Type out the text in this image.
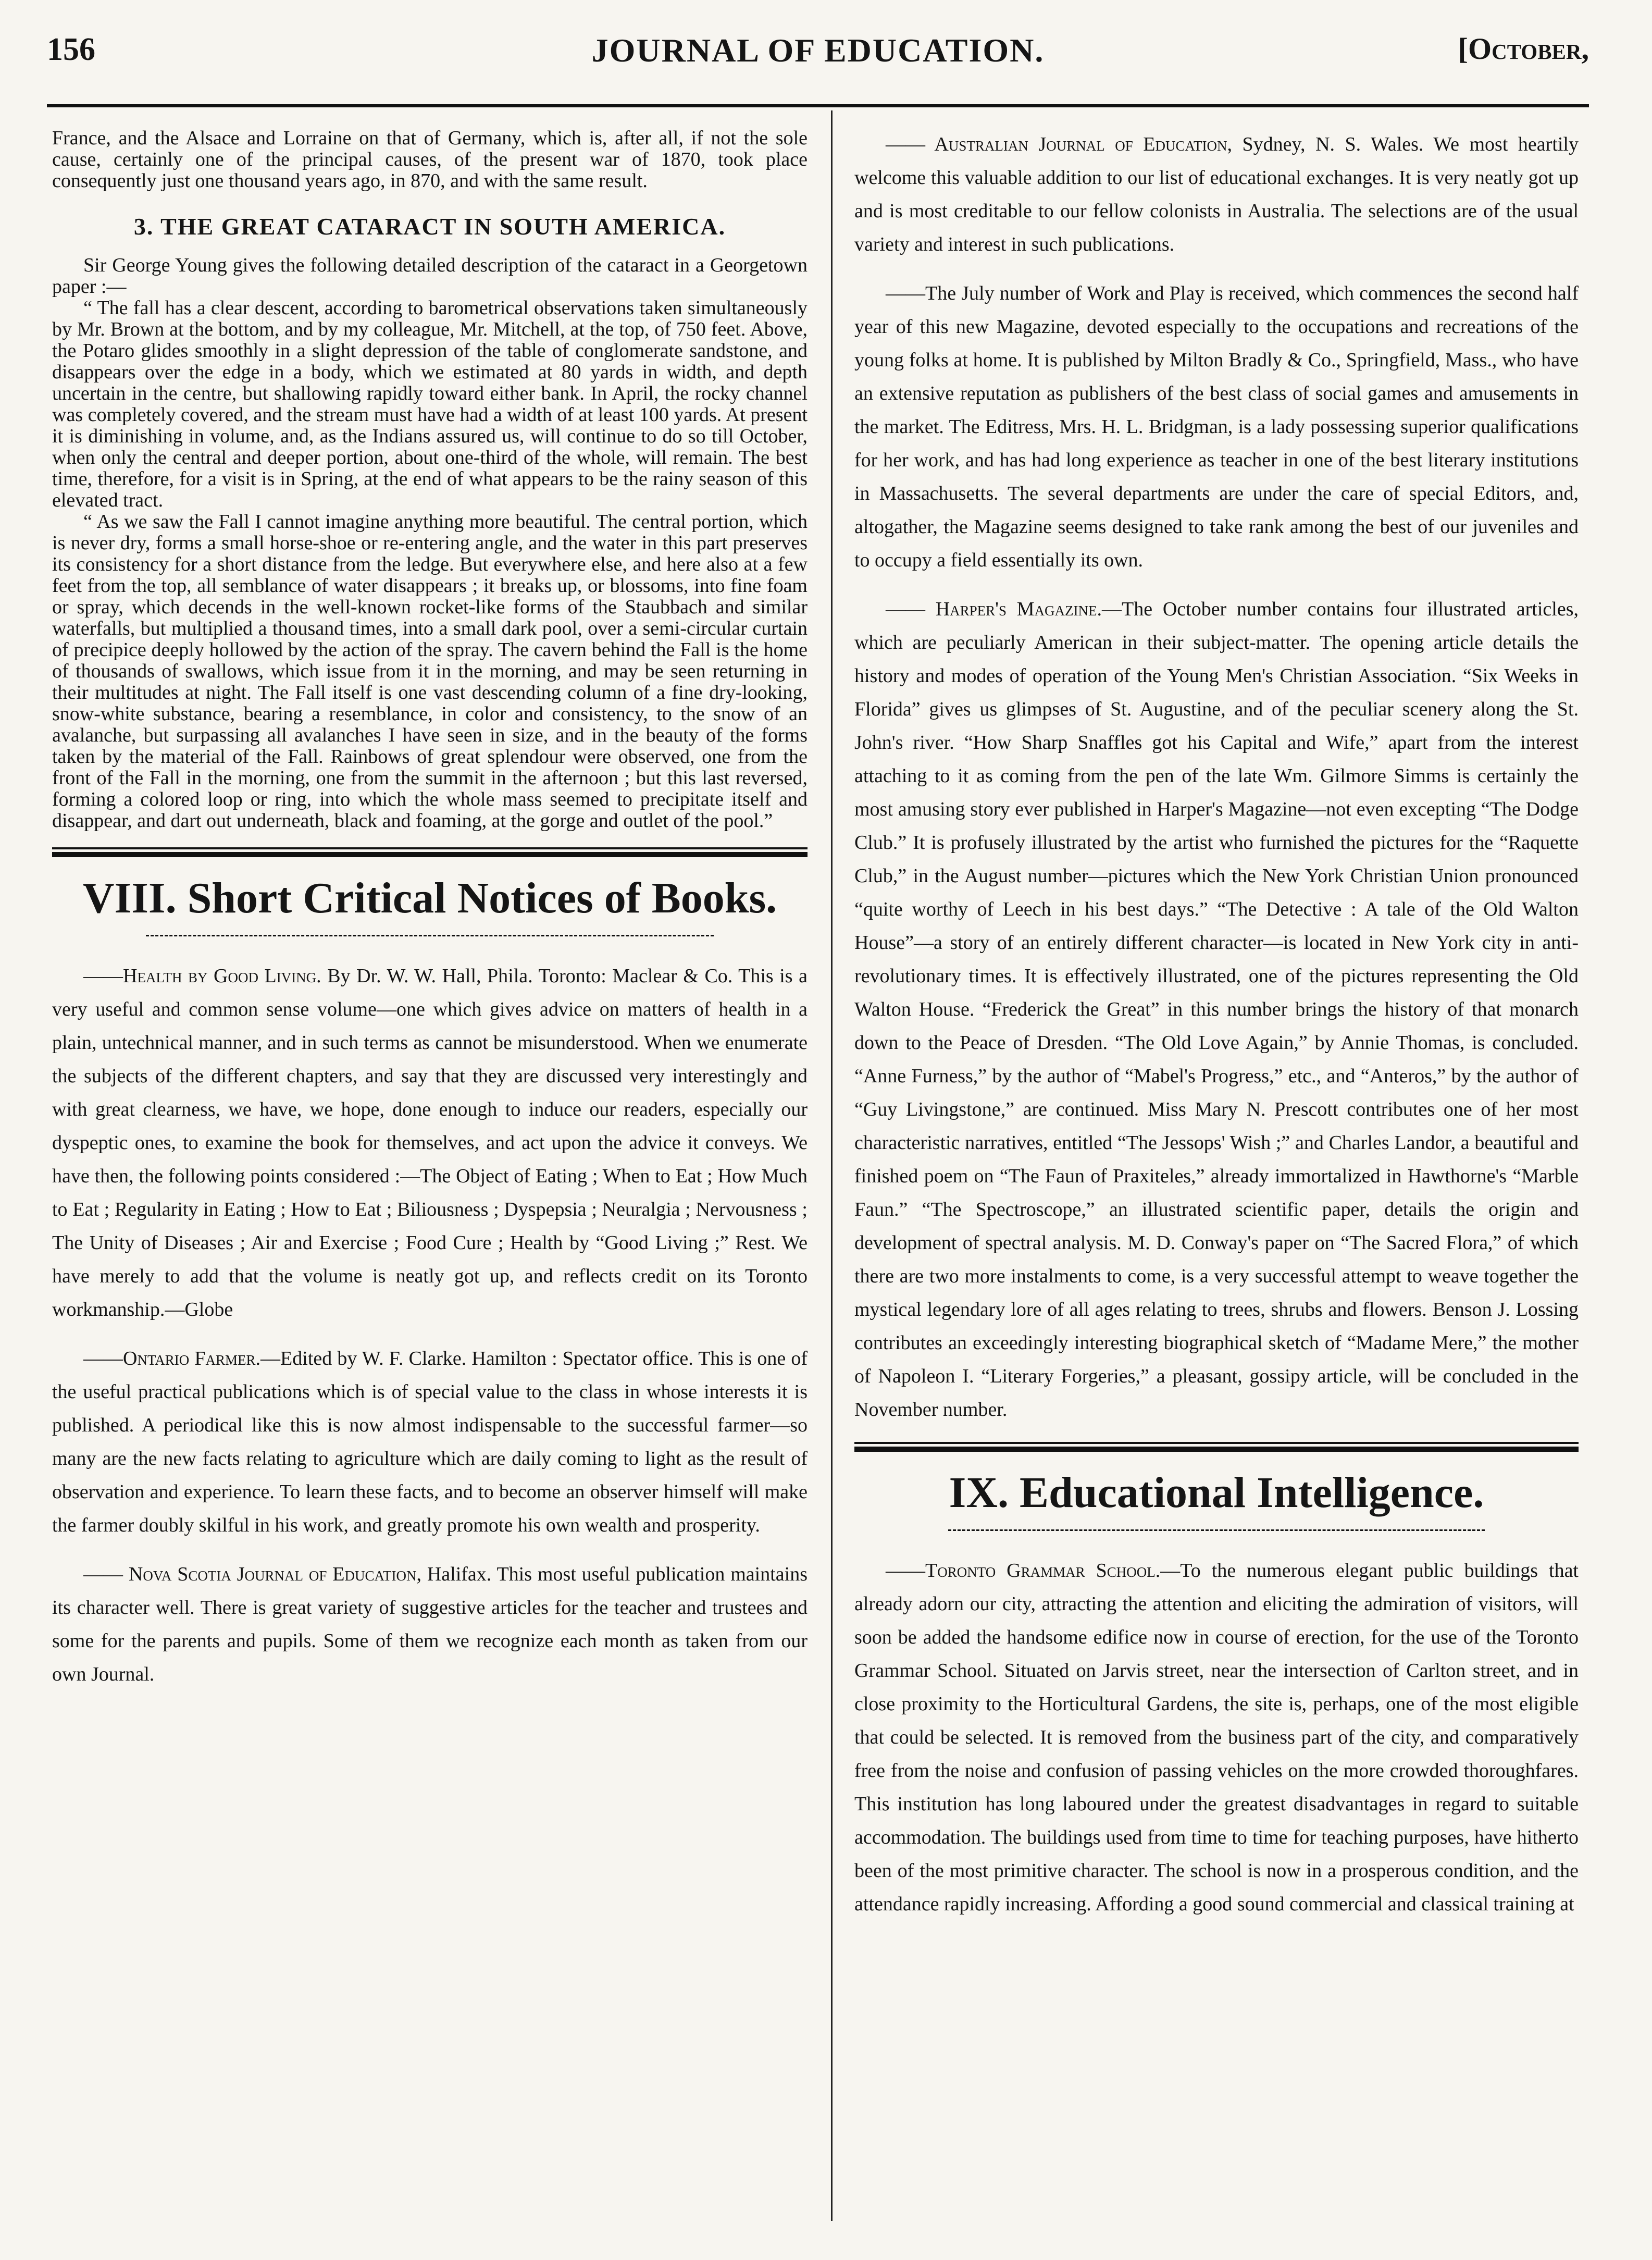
156	JOURNAL OF EDUCATION.	[October,

France, and the Alsace and Lorraine on that of Germany, which is, after all, if not the sole cause, certainly one of the principal causes, of the present war of 1870, took place consequently just one thousand years ago, in 870, and with the same result.

3. THE GREAT CATARACT IN SOUTH AMERICA.

Sir George Young gives the following detailed description of the cataract in a Georgetown paper :—

“ The fall has a clear descent, according to barometrical observations taken simultaneously by Mr. Brown at the bottom, and by my colleague, Mr. Mitchell, at the top, of 750 feet. Above, the Potaro glides smoothly in a slight depression of the table of conglomerate sandstone, and disappears over the edge in a body, which we estimated at 80 yards in width, and depth uncertain in the centre, but shallowing rapidly toward either bank. In April, the rocky channel was completely covered, and the stream must have had a width of at least 100 yards. At present it is diminishing in volume, and, as the Indians assured us, will continue to do so till October, when only the central and deeper portion, about one-third of the whole, will remain. The best time, therefore, for a visit is in Spring, at the end of what appears to be the rainy season of this elevated tract.

“ As we saw the Fall I cannot imagine anything more beautiful. The central portion, which is never dry, forms a small horse-shoe or re-entering angle, and the water in this part preserves its consistency for a short distance from the ledge. But everywhere else, and here also at a few feet from the top, all semblance of water disappears ; it breaks up, or blossoms, into fine foam or spray, which decends in the well-known rocket-like forms of the Staubbach and similar waterfalls, but multiplied a thousand times, into a small dark pool, over a semi-circular curtain of precipice deeply hollowed by the action of the spray. The cavern behind the Fall is the home of thousands of swallows, which issue from it in the morning, and may be seen returning in their multitudes at night. The Fall itself is one vast descending column of a fine dry-looking, snow-white substance, bearing a resemblance, in color and consistency, to the snow of an avalanche, but surpassing all avalanches I have seen in size, and in the beauty of the forms taken by the material of the Fall. Rainbows of great splendour were observed, one from the front of the Fall in the morning, one from the summit in the afternoon ; but this last reversed, forming a colored loop or ring, into which the whole mass seemed to precipitate itself and disappear, and dart out underneath, black and foaming, at the gorge and outlet of the pool.”

VIII. Short Critical Notices of Books.

——Health by Good Living. By Dr. W. W. Hall, Phila. Toronto: Maclear & Co. This is a very useful and common sense volume—one which gives advice on matters of health in a plain, untechnical manner, and in such terms as cannot be misunderstood. When we enumerate the subjects of the different chapters, and say that they are discussed very interestingly and with great clearness, we have, we hope, done enough to induce our readers, especially our dyspeptic ones, to examine the book for themselves, and act upon the advice it conveys. We have then, the following points considered :—The Object of Eating ; When to Eat ; How Much to Eat ; Regularity in Eating ; How to Eat ; Biliousness ; Dyspepsia ; Neuralgia ; Nervousness ; The Unity of Diseases ; Air and Exercise ; Food Cure ; Health by “Good Living ;” Rest. We have merely to add that the volume is neatly got up, and reflects credit on its Toronto workmanship.—Globe

——Ontario Farmer.—Edited by W. F. Clarke. Hamilton : Spectator office. This is one of the useful practical publications which is of special value to the class in whose interests it is published. A periodical like this is now almost indispensable to the successful farmer—so many are the new facts relating to agriculture which are daily coming to light as the result of observation and experience. To learn these facts, and to become an observer himself will make the farmer doubly skilful in his work, and greatly promote his own wealth and prosperity.

—— Nova Scotia Journal of Education, Halifax. This most useful publication maintains its character well. There is great variety of suggestive articles for the teacher and trustees and some for the parents and pupils. Some of them we recognize each month as taken from our own Journal.

—— Australian Journal of Education, Sydney, N. S. Wales. We most heartily welcome this valuable addition to our list of educational exchanges. It is very neatly got up and is most creditable to our fellow colonists in Australia. The selections are of the usual variety and interest in such publications.

——The July number of Work and Play is received, which commences the second half year of this new Magazine, devoted especially to the occupations and recreations of the young folks at home. It is published by Milton Bradly & Co., Springfield, Mass., who have an extensive reputation as publishers of the best class of social games and amusements in the market. The Editress, Mrs. H. L. Bridgman, is a lady possessing superior qualifications for her work, and has had long experience as teacher in one of the best literary institutions in Massachusetts. The several departments are under the care of special Editors, and, altogather, the Magazine seems designed to take rank among the best of our juveniles and to occupy a field essentially its own.

—— Harper's Magazine.—The October number contains four illustrated articles, which are peculiarly American in their subject-matter. The opening article details the history and modes of operation of the Young Men's Christian Association. “Six Weeks in Florida” gives us glimpses of St. Augustine, and of the peculiar scenery along the St. John's river. “How Sharp Snaffles got his Capital and Wife,” apart from the interest attaching to it as coming from the pen of the late Wm. Gilmore Simms is certainly the most amusing story ever published in Harper's Magazine—not even excepting “The Dodge Club.” It is profusely illustrated by the artist who furnished the pictures for the “Raquette Club,” in the August number—pictures which the New York Christian Union pronounced “quite worthy of Leech in his best days.” “The Detective : A tale of the Old Walton House”—a story of an entirely different character—is located in New York city in anti-revolutionary times. It is effectively illustrated, one of the pictures representing the Old Walton House. “Frederick the Great” in this number brings the history of that monarch down to the Peace of Dresden. “The Old Love Again,” by Annie Thomas, is concluded. “Anne Furness,” by the author of “Mabel's Progress,” etc., and “Anteros,” by the author of “Guy Livingstone,” are continued. Miss Mary N. Prescott contributes one of her most characteristic narratives, entitled “The Jessops' Wish ;” and Charles Landor, a beautiful and finished poem on “The Faun of Praxiteles,” already immortalized in Hawthorne's “Marble Faun.” “The Spectroscope,” an illustrated scientific paper, details the origin and development of spectral analysis. M. D. Conway's paper on “The Sacred Flora,” of which there are two more instalments to come, is a very successful attempt to weave together the mystical legendary lore of all ages relating to trees, shrubs and flowers. Benson J. Lossing contributes an exceedingly interesting biographical sketch of “Madame Mere,” the mother of Napoleon I. “Literary Forgeries,” a pleasant, gossipy article, will be concluded in the November number.

IX. Educational Intelligence.

——Toronto Grammar School.—To the numerous elegant public buildings that already adorn our city, attracting the attention and eliciting the admiration of visitors, will soon be added the handsome edifice now in course of erection, for the use of the Toronto Grammar School. Situated on Jarvis street, near the intersection of Carlton street, and in close proximity to the Horticultural Gardens, the site is, perhaps, one of the most eligible that could be selected. It is removed from the business part of the city, and comparatively free from the noise and confusion of passing vehicles on the more crowded thoroughfares. This institution has long laboured under the greatest disadvantages in regard to suitable accommodation. The buildings used from time to time for teaching purposes, have hitherto been of the most primitive character. The school is now in a prosperous condition, and the attendance rapidly increasing. Affording a good sound commercial and classical training at
